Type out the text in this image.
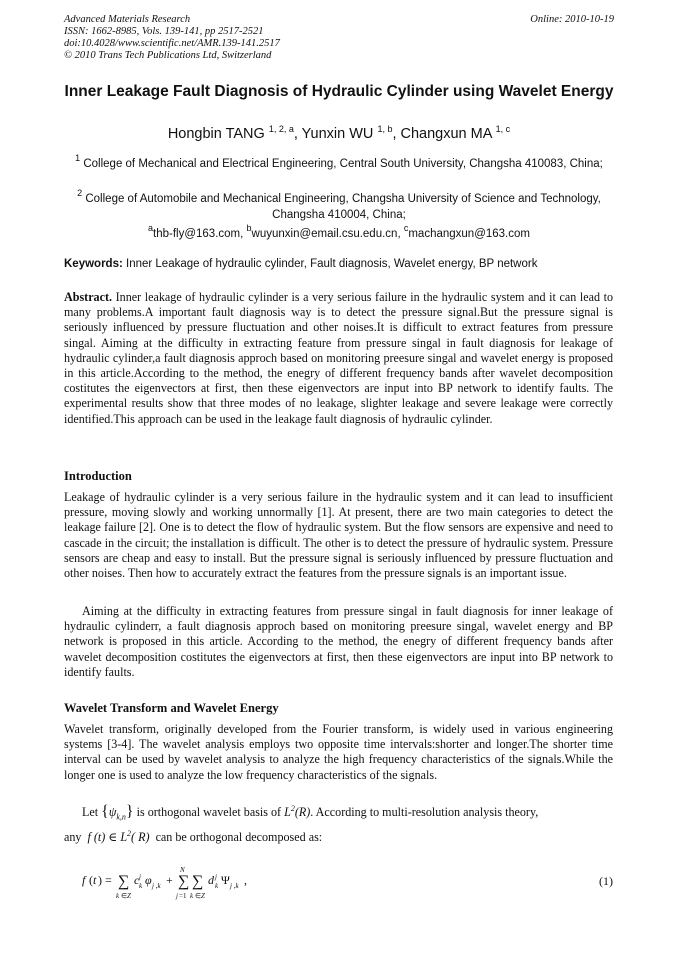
Advanced Materials Research
ISSN: 1662-8985, Vols. 139-141, pp 2517-2521
doi:10.4028/www.scientific.net/AMR.139-141.2517
© 2010 Trans Tech Publications Ltd, Switzerland
Online: 2010-10-19
Inner Leakage Fault Diagnosis of Hydraulic Cylinder using Wavelet Energy
Hongbin TANG $^{1, 2, a}$, Yunxin WU $^{1, b}$, Changxun MA $^{1, c}$
$^1$ College of Mechanical and Electrical Engineering, Central South University, Changsha 410083, China;
$^2$ College of Automobile and Mechanical Engineering, Changsha University of Science and Technology, Changsha 410004, China;
$^a$thb-fly@163.com, $^b$wuyunxin@email.csu.edu.cn, $^c$machangxun@163.com
Keywords: Inner Leakage of hydraulic cylinder, Fault diagnosis, Wavelet energy, BP network
Abstract. Inner leakage of hydraulic cylinder is a very serious failure in the hydraulic system and it can lead to many problems.A important fault diagnosis way is to detect the pressure signal.But the pressure signal is seriously influenced by pressure fluctuation and other noises.It is difficult to extract features from pressure singal. Aiming at the difficulty in extracting feature from pressure singal in fault diagnosis for leakage of hydraulic cylinder,a fault diagnosis approch based on monitoring preesure singal and wavelet energy is proposed in this article.According to the method, the enegry of different frequency bands after wavelet decomposition costitutes the eigenvectors at first, then these eigenvectors are input into BP network to identify faults. The experimental results show that three modes of no leakage, slighter leakage and severe leakage were correctly identified.This approach can be used in the leakage fault diagnosis of hydraulic cylinder.
Introduction
Leakage of hydraulic cylinder is a very serious failure in the hydraulic system and it can lead to insufficient pressure, moving slowly and working unnormally [1]. At present, there are two main categories to detect the leakage failure [2]. One is to detect the flow of hydraulic system. But the flow sensors are expensive and need to cascade in the circuit; the installation is difficult. The other is to detect the pressure of hydraulic system. Pressure sensors are cheap and easy to install. But the pressure signal is seriously influenced by pressure fluctuation and other noises. Then how to accurately extract the features from the pressure signals is an important issue.
Aiming at the difficulty in extracting features from pressure singal in fault diagnosis for inner leakage of hydraulic cylinderr, a fault diagnosis approch based on monitoring preesure singal, wavelet energy and BP network is proposed in this article. According to the method, the enegry of different frequency bands after wavelet decomposition costitutes the eigenvectors at first, then these eigenvectors are input into BP network to identify faults.
Wavelet Transform and Wavelet Energy
Wavelet transform, originally developed from the Fourier transform, is widely used in various engineering systems [3-4]. The wavelet analysis employs two opposite time intervals:shorter and longer.The shorter time interval can be used by wavelet analysis to analyze the high frequency characteristics of the signals.While the longer one is used to analyze the low frequency characteristics of the signals.
Let $\{\psi_{k,n}\}$ is orthogonal wavelet basis of $L^2(R)$. According to multi-resolution analysis theory,
any f (t) ∈ $L^2$( R) can be orthogonal decomposed as:
f ( t ) = ∑
k ∈ Z
c j
k φ j ,k + ∑
N
j =1
∑
k ∈ Z
d j
k Ψ j ,k ,	(1)
